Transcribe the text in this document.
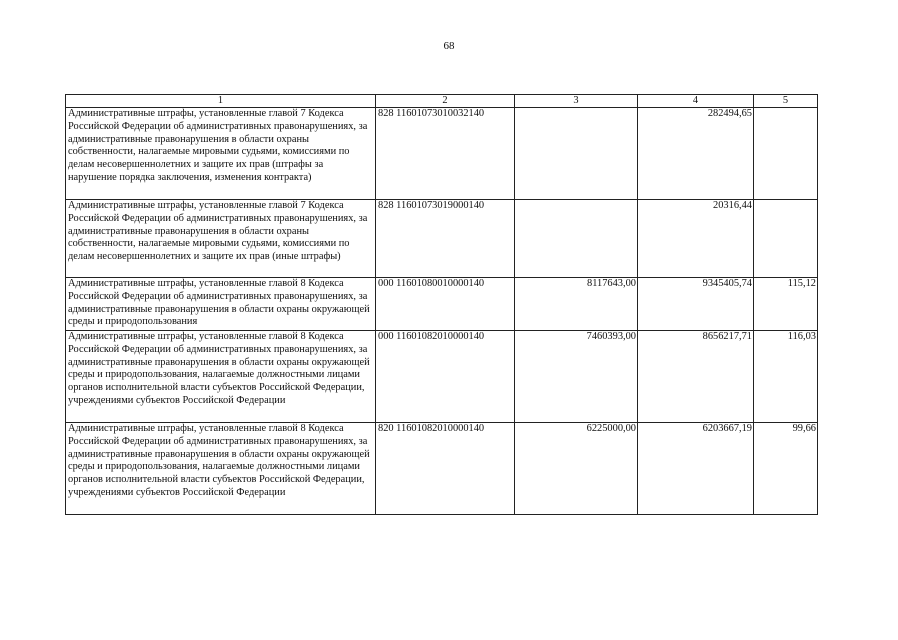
68
1	2	3	4	5
Административные штрафы, установленные главой 7 Кодекса Российской Федерации об административных правонарушениях, за административные правонарушения в области охраны собственности, налагаемые мировыми судьями, комиссиями по делам несовершеннолетних и защите их прав (штрафы за нарушение порядка заключения, изменения контракта)	828 11601073010032140		282494,65	
Административные штрафы, установленные главой 7 Кодекса Российской Федерации об административных правонарушениях, за административные правонарушения в области охраны собственности, налагаемые мировыми судьями, комиссиями по делам несовершеннолетних и защите их прав (иные штрафы)	828 11601073019000140		20316,44	
Административные штрафы, установленные главой 8 Кодекса Российской Федерации об административных правонарушениях, за административные правонарушения в области охраны окружающей среды и природопользования	000 11601080010000140	8117643,00	9345405,74	115,12
Административные штрафы, установленные главой 8 Кодекса Российской Федерации об административных правонарушениях, за административные правонарушения в области охраны окружающей среды и природопользования, налагаемые должностными лицами органов исполнительной власти субъектов Российской Федерации, учреждениями субъектов Российской Федерации	000 11601082010000140	7460393,00	8656217,71	116,03
Административные штрафы, установленные главой 8 Кодекса Российской Федерации об административных правонарушениях, за административные правонарушения в области охраны окружающей среды и природопользования, налагаемые должностными лицами органов исполнительной власти субъектов Российской Федерации, учреждениями субъектов Российской Федерации	820 11601082010000140	6225000,00	6203667,19	99,66
